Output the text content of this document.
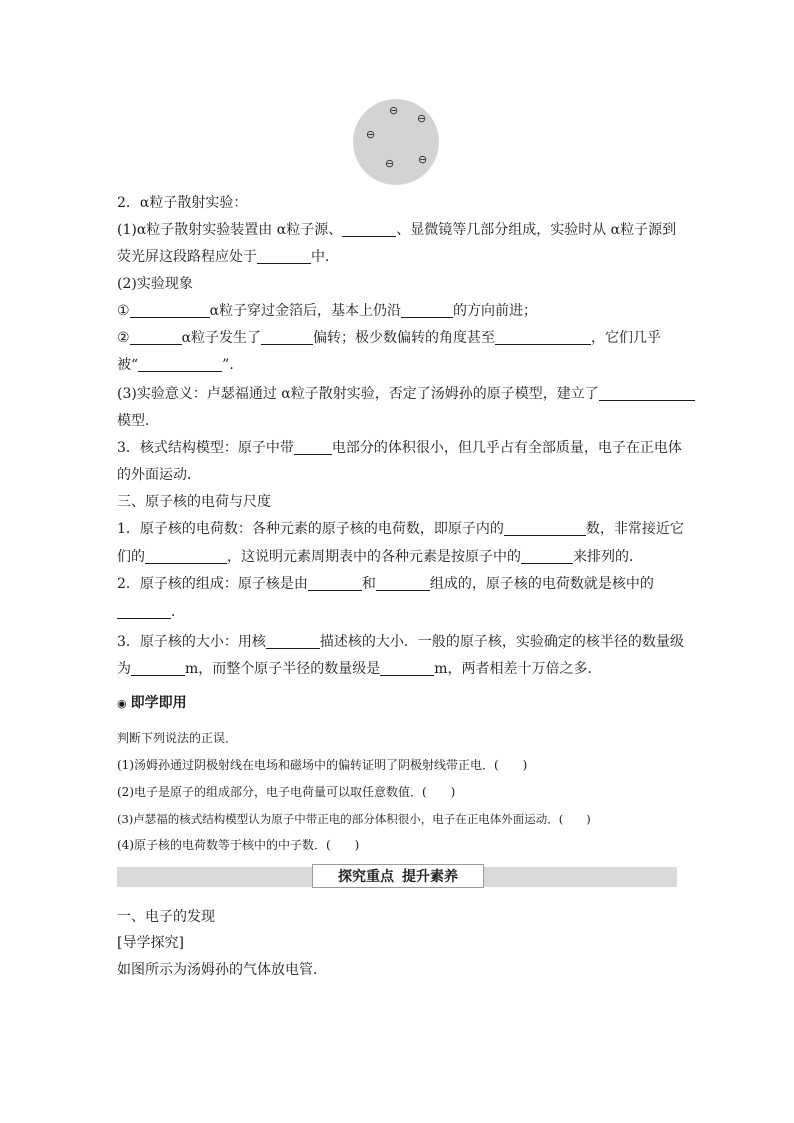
⊖
⊖
⊖
⊖
⊖
2．α粒子散射实验：
(1)α粒子散射实验装置由 α粒子源、	、显微镜等几部分组成，实验时从 α粒子源到
荧光屏这段路程应处于	中．
(2)实验现象
①	α粒子穿过金箔后，基本上仍沿	的方向前进；
②	α粒子发生了	偏转；极少数偏转的角度甚至	，它们几乎
被“	”．
(3)实验意义：卢瑟福通过 α粒子散射实验，否定了汤姆孙的原子模型，建立了
模型．
3．核式结构模型：原子中带	电部分的体积很小，但几乎占有全部质量，电子在正电体
的外面运动．
三、原子核的电荷与尺度
1．原子核的电荷数：各种元素的原子核的电荷数，即原子内的	数，非常接近它
们的	，这说明元素周期表中的各种元素是按原子中的	来排列的．
2．原子核的组成：原子核是由	和	组成的，原子核的电荷数就是核中的
．
3．原子核的大小：用核	描述核的大小．一般的原子核，实验确定的核半径的数量级
为	m，而整个原子半径的数量级是	m，两者相差十万倍之多．
◉ 即学即用
判断下列说法的正误．
(1)汤姆孙通过阴极射线在电场和磁场中的偏转证明了阴极射线带正电．(　　)
(2)电子是原子的组成部分，电子电荷量可以取任意数值．(　　)
(3)卢瑟福的核式结构模型认为原子中带正电的部分体积很小，电子在正电体外面运动．(　　)
(4)原子核的电荷数等于核中的中子数．(　　)
探究重点 提升素养
一、电子的发现
[导学探究]
如图所示为汤姆孙的气体放电管．
